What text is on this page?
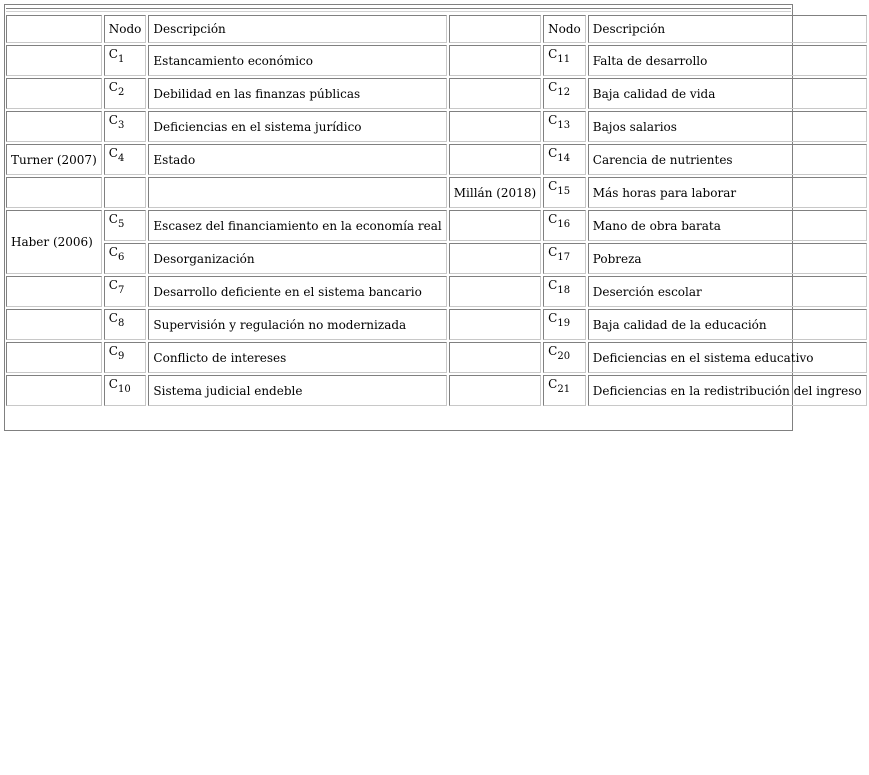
	Nodo	Descripción		Nodo	Descripción
	$C_1$	Estancamiento económico		$C_{11}$	Falta de desarrollo
	$C_2$	Debilidad en las finanzas públicas		$C_{12}$	Baja calidad de vida
	$C_3$	Deficiencias en el sistema jurídico		$C_{13}$	Bajos salarios
Turner (2007)	$C_4$	Estado		$C_{14}$	Carencia de nutrientes
			Millán (2018)	$C_{15}$	Más horas para laborar
Haber (2006)	$C_5$	Escasez del financiamiento en la economía real		$C_{16}$	Mano de obra barata
	$C_6$	Desorganización		$C_{17}$	Pobreza
	$C_7$	Desarrollo deficiente en el sistema bancario		$C_{18}$	Deserción escolar
	$C_8$	Supervisión y regulación no modernizada		$C_{19}$	Baja calidad de la educación
	$C_9$	Conflicto de intereses		$C_{20}$	Deficiencias en el sistema educativo
	$C_{10}$	Sistema judicial endeble		$C_{21}$	Deficiencias en la redistribución del ingreso
